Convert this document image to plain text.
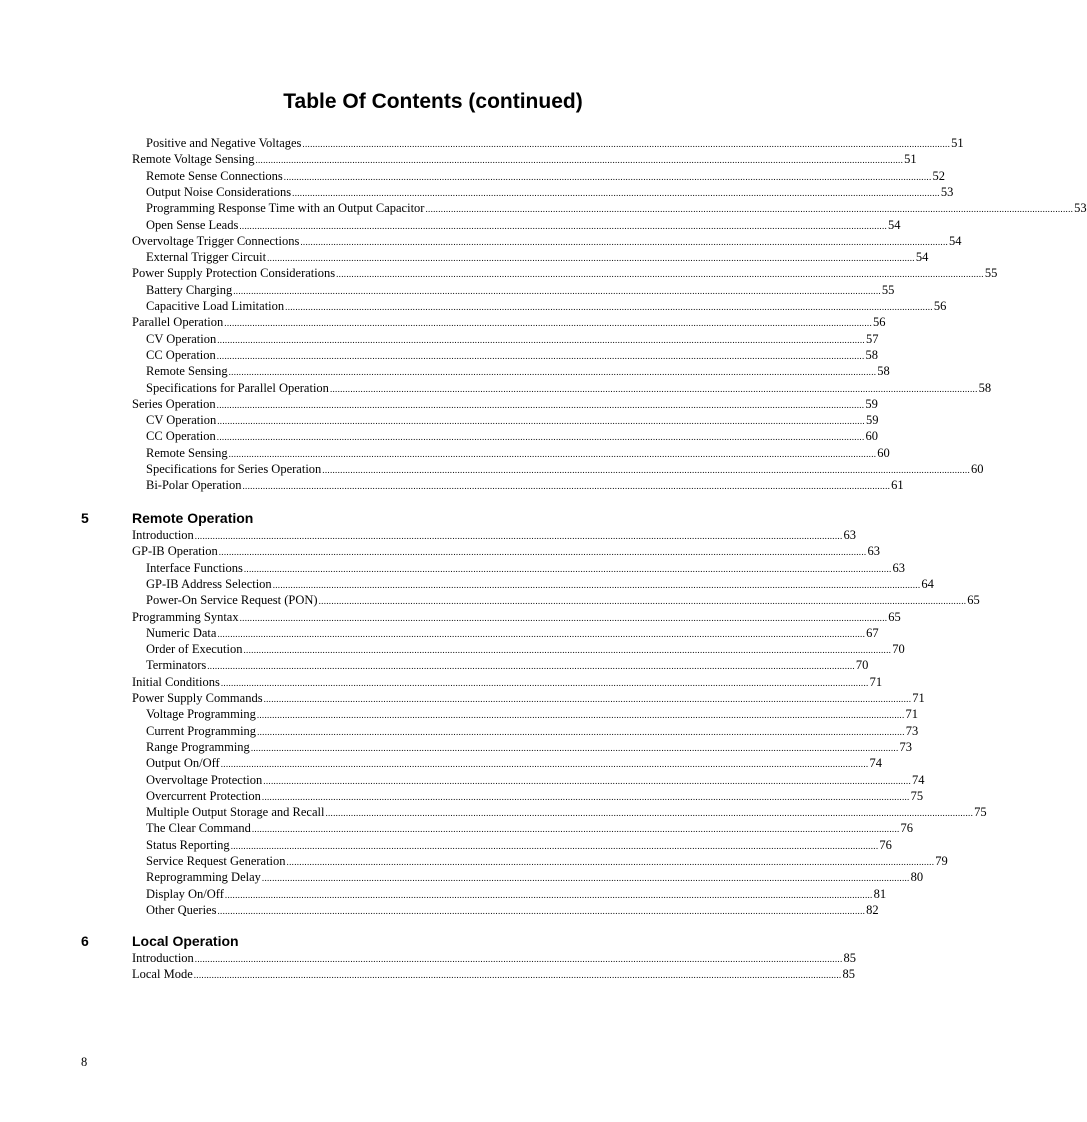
Table Of Contents (continued)
Positive and Negative Voltages .............................................................................................................................................................................................................................................................. 51
Remote Voltage Sensing .............................................................................................................................................................................................................................................................. 51
Remote Sense Connections .............................................................................................................................................................................................................................................................. 52
Output Noise Considerations .............................................................................................................................................................................................................................................................. 53
Programming Response Time with an Output Capacitor .............................................................................................................................................................................................................................................................. 53
Open Sense Leads .............................................................................................................................................................................................................................................................. 54
Overvoltage Trigger Connections .............................................................................................................................................................................................................................................................. 54
External Trigger Circuit .............................................................................................................................................................................................................................................................. 54
Power Supply Protection Considerations .............................................................................................................................................................................................................................................................. 55
Battery Charging .............................................................................................................................................................................................................................................................. 55
Capacitive Load Limitation .............................................................................................................................................................................................................................................................. 56
Parallel Operation .............................................................................................................................................................................................................................................................. 56
CV Operation .............................................................................................................................................................................................................................................................. 57
CC Operation .............................................................................................................................................................................................................................................................. 58
Remote Sensing .............................................................................................................................................................................................................................................................. 58
Specifications for Parallel Operation .............................................................................................................................................................................................................................................................. 58
Series Operation .............................................................................................................................................................................................................................................................. 59
CV Operation .............................................................................................................................................................................................................................................................. 59
CC Operation .............................................................................................................................................................................................................................................................. 60
Remote Sensing .............................................................................................................................................................................................................................................................. 60
Specifications for Series Operation .............................................................................................................................................................................................................................................................. 60
Bi-Polar Operation .............................................................................................................................................................................................................................................................. 61
5	Remote Operation
Introduction .............................................................................................................................................................................................................................................................. 63
GP-IB Operation .............................................................................................................................................................................................................................................................. 63
Interface Functions .............................................................................................................................................................................................................................................................. 63
GP-IB Address Selection .............................................................................................................................................................................................................................................................. 64
Power-On Service Request (PON) .............................................................................................................................................................................................................................................................. 65
Programming Syntax .............................................................................................................................................................................................................................................................. 65
Numeric Data .............................................................................................................................................................................................................................................................. 67
Order of Execution .............................................................................................................................................................................................................................................................. 70
Terminators .............................................................................................................................................................................................................................................................. 70
Initial Conditions .............................................................................................................................................................................................................................................................. 71
Power Supply Commands .............................................................................................................................................................................................................................................................. 71
Voltage Programming .............................................................................................................................................................................................................................................................. 71
Current Programming .............................................................................................................................................................................................................................................................. 73
Range Programming .............................................................................................................................................................................................................................................................. 73
Output On/Off .............................................................................................................................................................................................................................................................. 74
Overvoltage Protection .............................................................................................................................................................................................................................................................. 74
Overcurrent Protection .............................................................................................................................................................................................................................................................. 75
Multiple Output Storage and Recall .............................................................................................................................................................................................................................................................. 75
The Clear Command .............................................................................................................................................................................................................................................................. 76
Status Reporting .............................................................................................................................................................................................................................................................. 76
Service Request Generation .............................................................................................................................................................................................................................................................. 79
Reprogramming Delay .............................................................................................................................................................................................................................................................. 80
Display On/Off .............................................................................................................................................................................................................................................................. 81
Other Queries .............................................................................................................................................................................................................................................................. 82
6	Local Operation
Introduction .............................................................................................................................................................................................................................................................. 85
Local Mode .............................................................................................................................................................................................................................................................. 85
8
